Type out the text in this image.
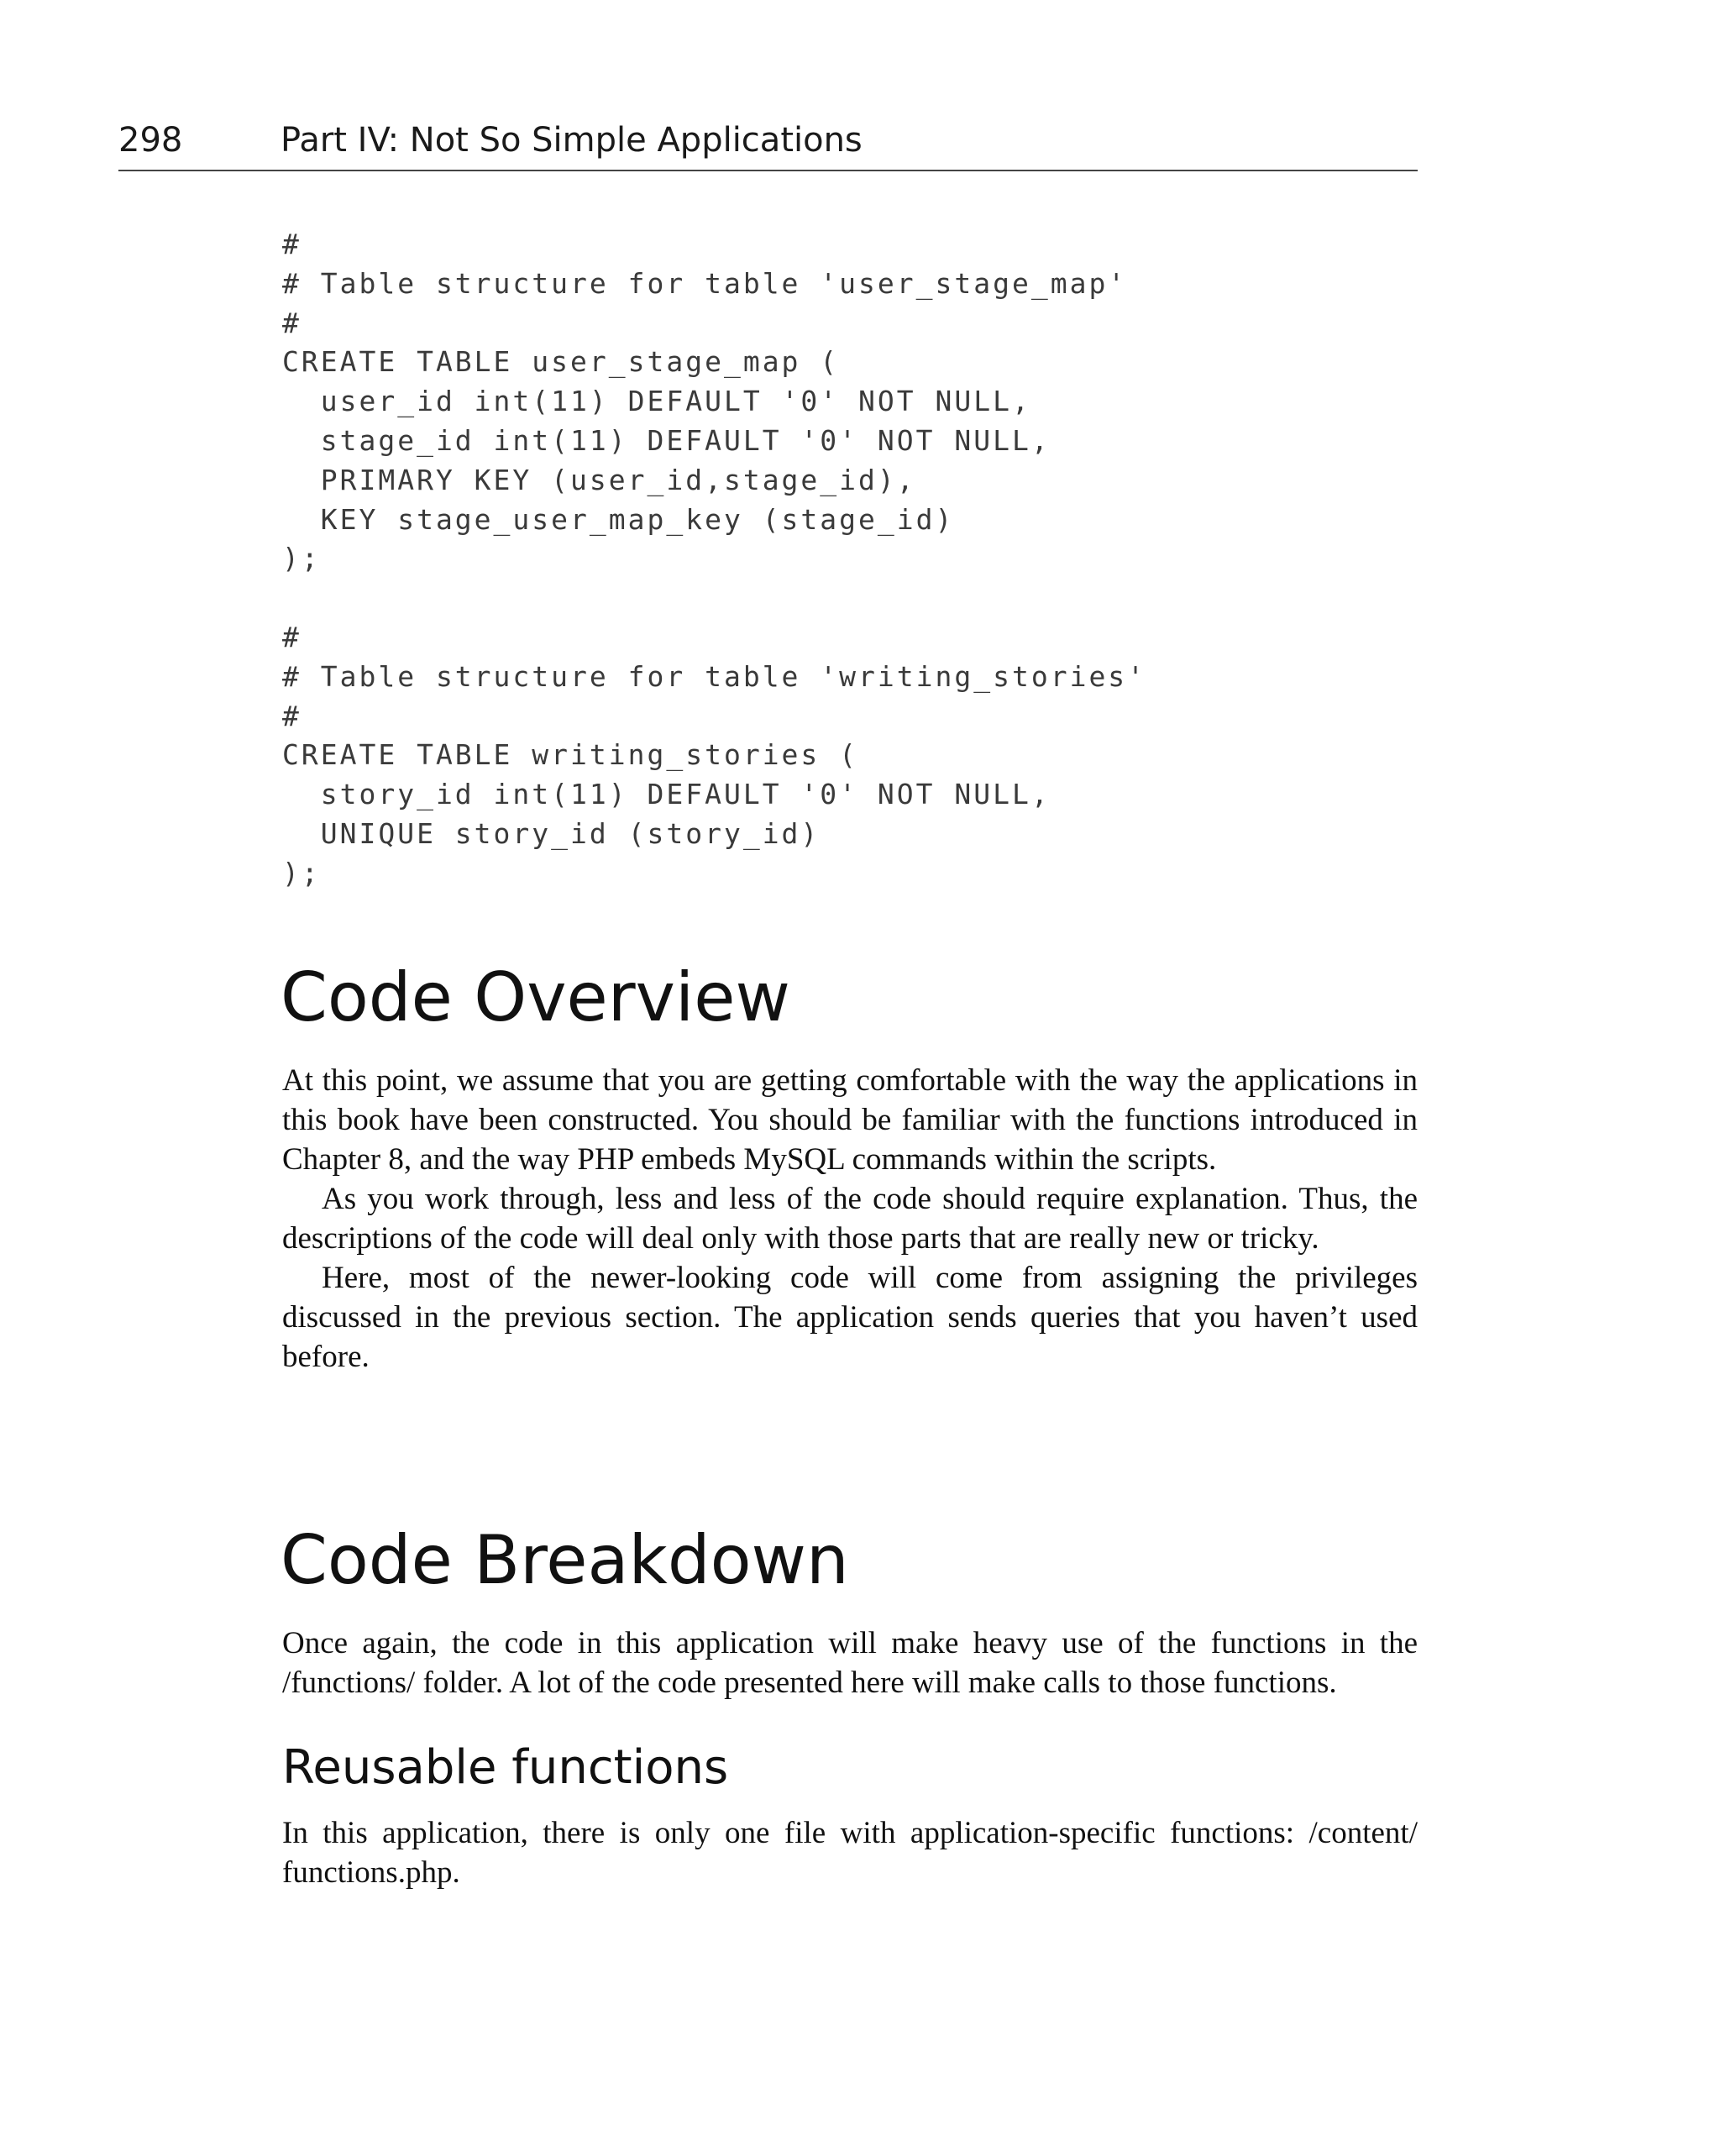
298	Part IV: Not So Simple Applications
#
# Table structure for table 'user_stage_map'
#
CREATE TABLE user_stage_map (
user_id int(11) DEFAULT '0' NOT NULL,
stage_id int(11) DEFAULT '0' NOT NULL,
PRIMARY KEY (user_id,stage_id),
KEY stage_user_map_key (stage_id)
);
#
# Table structure for table 'writing_stories'
#
CREATE TABLE writing_stories (
story_id int(11) DEFAULT '0' NOT NULL,
UNIQUE story_id (story_id)
);
Code Overview

At this point, we assume that you are getting comfortable with the way the applications in this book have been constructed. You should be familiar with the functions introduced in Chapter 8, and the way PHP embeds MySQL commands within the scripts.

As you work through, less and less of the code should require explanation. Thus, the descriptions of the code will deal only with those parts that are really new or tricky.

Here, most of the newer-looking code will come from assigning the privileges discussed in the previous section. The application sends queries that you haven’t used before.

Code Breakdown

Once again, the code in this application will make heavy use of the functions in the /functions/ folder. A lot of the code presented here will make calls to those functions.

Reusable functions

In this application, there is only one file with application-specific functions: /content/ functions.php.
